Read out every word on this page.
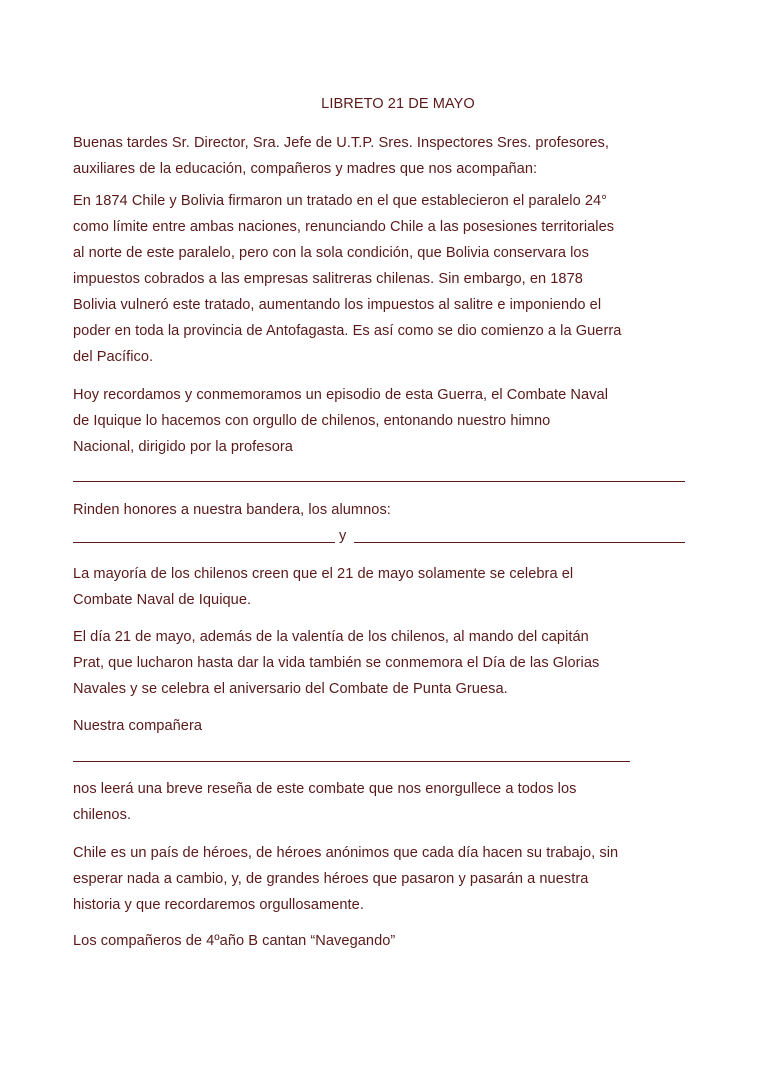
LIBRETO 21 DE MAYO
Buenas tardes Sr. Director, Sra. Jefe de U.T.P. Sres. Inspectores Sres. profesores,
auxiliares de la educación, compañeros y madres que nos acompañan:
En 1874 Chile y Bolivia firmaron un tratado en el que establecieron el paralelo 24°
como límite entre ambas naciones, renunciando Chile a las posesiones territoriales
al norte de este paralelo, pero con la sola condición, que Bolivia conservara los
impuestos cobrados a las empresas salitreras chilenas. Sin embargo, en 1878
Bolivia vulneró este tratado, aumentando los impuestos al salitre e imponiendo el
poder en toda la provincia de Antofagasta. Es así como se dio comienzo a la Guerra
del Pacífico.
Hoy recordamos y conmemoramos un episodio de esta Guerra, el Combate Naval
de Iquique lo hacemos con orgullo de chilenos, entonando nuestro himno
Nacional, dirigido por la profesora
Rinden honores a nuestra bandera, los alumnos:
y
La mayoría de los chilenos creen que el 21 de mayo solamente se celebra el
Combate Naval de Iquique.
El día 21 de mayo, además de la valentía de los chilenos, al mando del capitán
Prat, que lucharon hasta dar la vida también se conmemora el Día de las Glorias
Navales y se celebra el aniversario del Combate de Punta Gruesa.
Nuestra compañera
nos leerá una breve reseña de este combate que nos enorgullece a todos los
chilenos.
Chile es un país de héroes, de héroes anónimos que cada día hacen su trabajo, sin
esperar nada a cambio, y, de grandes héroes que pasaron y pasarán a nuestra
historia y que recordaremos orgullosamente.
Los compañeros de 4ºaño B cantan “Navegando”
